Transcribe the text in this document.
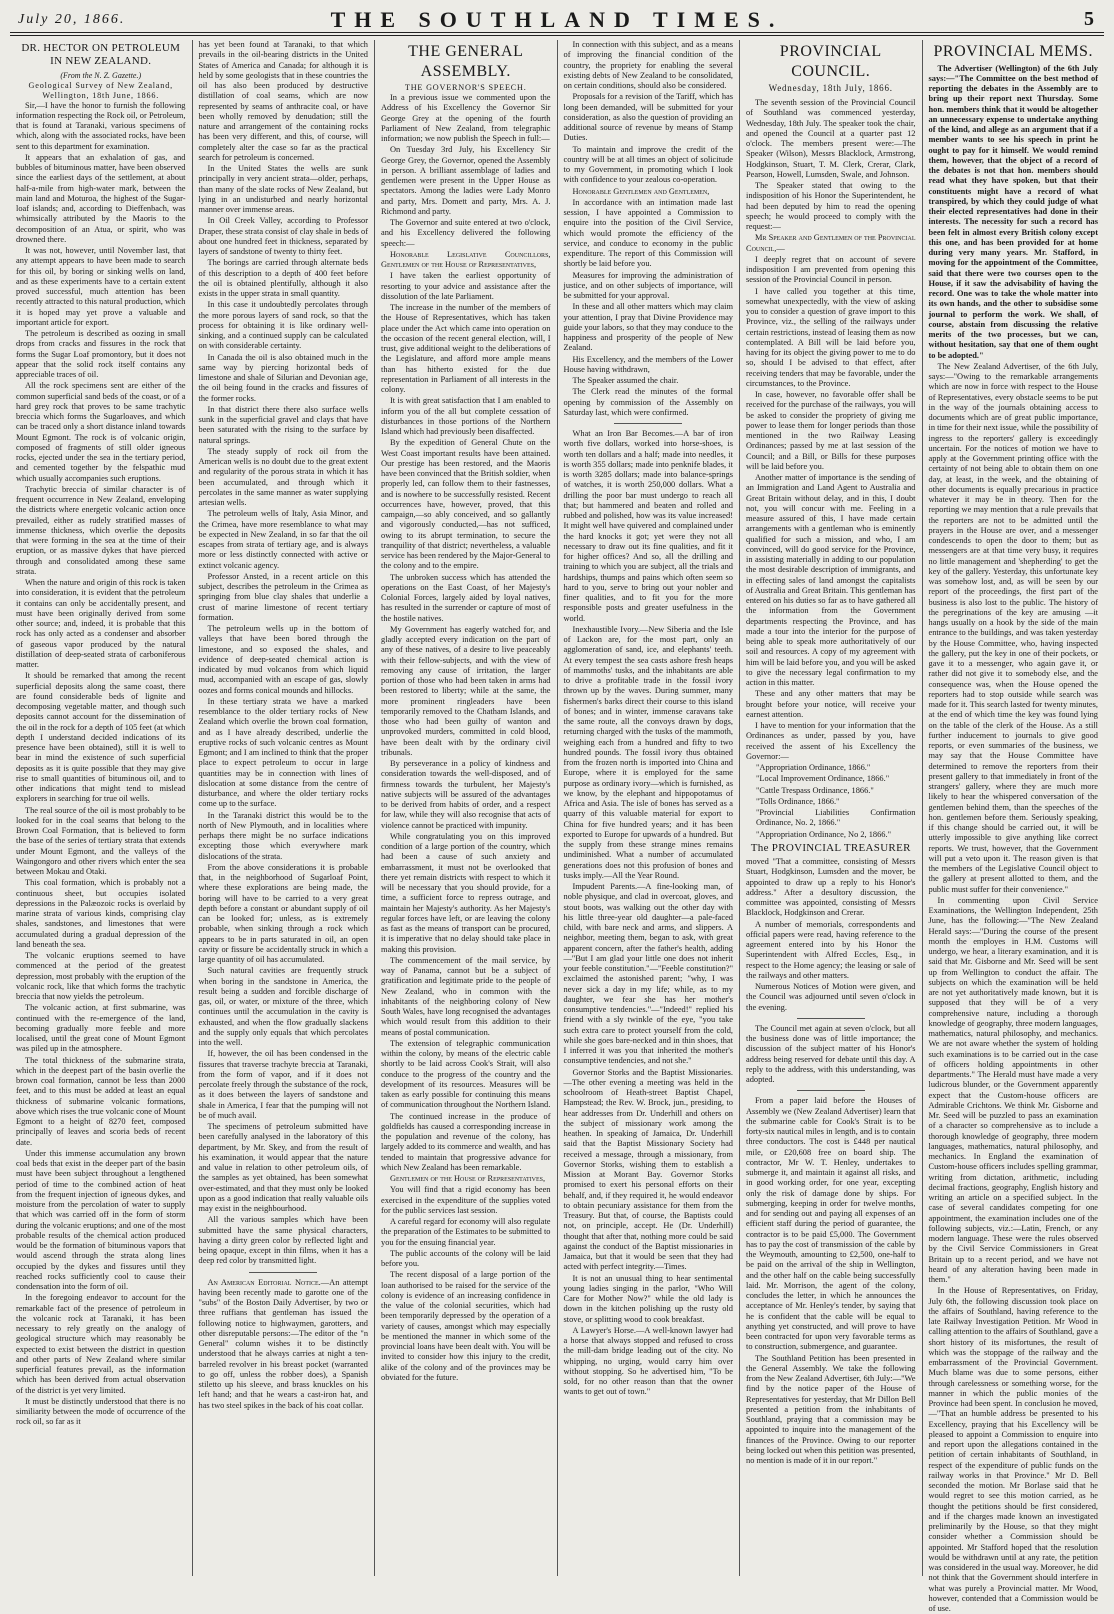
July 20, 1866.	THE SOUTHLAND TIMES.	5
DR. HECTOR ON PETROLEUM IN NEW ZEALAND.
(From the N. Z. Gazette.)
Geological Survey of New Zealand, Wellington, 18th June, 1866.

Sir,—I have the honor to furnish the following information respecting the Rock oil, or Petroleum, that is found at Taranaki, various specimens of which, along with the associated rocks, have been sent to this department for examination.

It appears that an exhalation of gas, and bubbles of bituminous matter, have been observed since the earliest days of the settlement, at about half-a-mile from high-water mark, between the main land and Moturoa, the highest of the Sugar-loaf islands; and, according to Dieffenbach, was whimsically attributed by the Maoris to the decomposition of an Atua, or spirit, who was drowned there.

It was not, however, until November last, that any attempt appears to have been made to search for this oil, by boring or sinking wells on land, and as these experiments have to a certain extent proved successful, much attention has been recently attracted to this natural production, which it is hoped may yet prove a valuable and important article for export.

The petroleum is described as oozing in small drops from cracks and fissures in the rock that forms the Sugar Loaf promontory, but it does not appear that the solid rock itself contains any appreciable traces of oil.

All the rock specimens sent are either of the common superficial sand beds of the coast, or of a hard grey rock that proves to be same trachytic breccia which forms the Sugarloaves, and which can be traced only a short distance inland towards Mount Egmont. The rock is of volcanic origin, composed of fragments of still older igneous rocks, ejected under the sea in the tertiary period, and cemented together by the felspathic mud which usually accompanies such eruptions.

Trachytic breccia of similar character is of frequent occurrence in New Zealand, enveloping the districts where energetic volcanic action once prevailed, either as rudely stratified masses of immense thickness, which overlie the deposits that were forming in the sea at the time of their eruption, or as massive dykes that have pierced through and consolidated among these same strata.

When the nature and origin of this rock is taken into consideration, it is evident that the petroleum it contains can only be accidentally present, and must have been originally derived from some other source; and, indeed, it is probable that this rock has only acted as a condenser and absorber of gaseous vapor produced by the natural distillation of deep-seated strata of carboniferous matter.

It should be remarked that among the recent superficial deposits along the same coast, there are found considerable beds of lignite and decomposing vegetable matter, and though such deposits cannot account for the dissemination of the oil in the rock for a depth of 105 feet (at which depth I understand decided indications of its presence have been obtained), still it is well to bear in mind the existence of such superficial deposits as it is quite possible that they may give rise to small quantities of bituminous oil, and to other indications that might tend to mislead explorers in searching for true oil wells.

The real source of the oil is most probably to be looked for in the coal seams that belong to the Brown Coal Formation, that is believed to form the base of the series of tertiary strata that extends under Mount Egmont, and the valleys of the Waingongoro and other rivers which enter the sea between Mokau and Otaki.

This coal formation, which is probably not a continuous sheet, but occupies isolated depressions in the Palæozoic rocks is overlaid by marine strata of various kinds, comprising clay shales, sandstones, and limestones that were accumulated during a gradual depression of the land beneath the sea.

The volcanic eruptions seemed to have commenced at the period of the greatest depression, most probably with the eruption of the volcanic rock, like that which forms the trachytic breccia that now yields the petroleum.

The volcanic action, at first submarine, was continued with the re-emergence of the land, becoming gradually more feeble and more localised, until the great cone of Mount Egmont was piled up in the atmosphere.

The total thickness of the submarine strata, which in the deepest part of the basin overlie the brown coal formation, cannot be less than 2000 feet, and to this must be added at least an equal thickness of submarine volcanic formations, above which rises the true volcanic cone of Mount Egmont to a height of 8270 feet, composed principally of leaves and scoria beds of recent date.

Under this immense accumulation any brown coal beds that exist in the deeper part of the basin must have been subject throughout a lengthened period of time to the combined action of heat from the frequent injection of igneous dykes, and moisture from the percolation of water to supply that which was carried off in the form of storm during the volcanic eruptions; and one of the most probable results of the chemical action produced would be the formation of bituminous vapors that would ascend through the strata along lines occupied by the dykes and fissures until they reached rocks sufficiently cool to cause their condensation into the form of oil.

In the foregoing endeavor to account for the remarkable fact of the presence of petroleum in the volcanic rock at Taranaki, it has been necessary to rely greatly on the analogy of geological structure which may reasonably be expected to exist between the district in question and other parts of New Zealand where similar superficial features prevail, as the information which has been derived from actual observation of the district is yet very limited.

It must be distinctly understood that there is no similiarity between the mode of occurrence of the rock oil, so far as it

has yet been found at Taranaki, to that which prevails in the oil-bearing districts in the United States of America and Canada; for although it is held by some geologists that in these countries the oil has also been produced by destructive distillation of coal seams, which are now represented by seams of anthracite coal, or have been wholly removed by denudation; still the nature and arrangement of the containing rocks has been very different, and this, of course, will completely alter the case so far as the practical search for petroleum is concerned.

In the United States the wells are sunk principally in very ancient strata—older, perhaps, than many of the slate rocks of New Zealand, but lying in an undisturbed and nearly horizontal manner over immense areas.

In Oil Creek Valley, according to Professor Draper, these strata consist of clay shale in beds of about one hundred feet in thickness, separated by layers of sandstone of twenty to thirty feet.

The borings are carried through alternate beds of this description to a depth of 400 feet before the oil is obtained plentifully, although it also exists in the upper strata in small quantity.

In this case it undoubtedly percolates through the more porous layers of sand rock, so that the process for obtaining it is like ordinary well-sinking, and a continued supply can be calculated on with considerable certainty.

In Canada the oil is also obtained much in the same way by piercing horizontal beds of limestone and shale of Silurian and Devonian age, the oil being found in the cracks and fissures of the former rocks.

In that district there there also surface wells sunk in the superficial gravel and clays that have been saturated with the rising to the surface by natural springs.

The steady supply of rock oil from the American wells is no doubt due to the great extent and regularity of the porous strata in which it has been accumulated, and through which it percolates in the same manner as water supplying artesian wells.

The petroleum wells of Italy, Asia Minor, and the Crimea, have more resemblance to what may be expected in New Zealand, in so far that the oil escapes from strata of tertiary age, and is always more or less distinctly connected with active or extinct volcanic agency.

Professor Ansted, in a recent article on this subject, describes the petroleum in the Crimea as springing from blue clay shales that underlie a crust of marine limestone of recent tertiary formation.

The petroleum wells up in the bottom of valleys that have been bored through the limestone, and so exposed the shales, and evidence of deep-seated chemical action is indicated by mud volcanos from which liquid mud, accompanied with an escape of gas, slowly oozes and forms conical mounds and hillocks.

In these tertiary strata we have a marked resemblance to the older tertiary rocks of New Zealand which overlie the brown coal formation, and as I have already described, underlie the eruptive rocks of such volcanic centres as Mount Egmont; and I am inclined to think that the proper place to expect petroleum to occur in large quantities may be in connection with lines of dislocation at some distance from the centre of disturbance, and where the older tertiary rocks come up to the surface.

In the Taranaki district this would be to the north of New Plymouth, and in localities where perhaps there might be no surface indications excepting those which everywhere mark dislocations of the strata.

From the above considerations it is probable that, in the neighborhood of Sugarloaf Point, where these explorations are being made, the boring will have to be carried to a very great depth before a constant or abundant supply of oil can be looked for; unless, as is extremely probable, when sinking through a rock which appears to be in parts saturated in oil, an open cavity or fissure be accidentally struck in which a large quantity of oil has accumulated.

Such natural cavities are frequently struck when boring in the sandstone in America, the result being a sudden and forcible discharge of gas, oil, or water, or mixture of the three, which continues until the accumulation in the cavity is exhausted, and when the flow gradually slackens and the supply only equals that which percolates into the well.

If, however, the oil has been condensed in the fissures that traverse trachyte breccia at Taranaki, from the form of vapor, and if it does not percolate freely through the substance of the rock, as it does between the layers of sandstone and shale in America, I fear that the pumping will not be of much avail.

The specimens of petroleum submitted have been carefully analysed in the laboratory of this department, by Mr. Skey, and from the result of his examination, it would appear that the nature and value in relation to other petroleum oils, of the samples as yet obtained, has been somewhat over-estimated, and that they must only be looked upon as a good indication that really valuable oils may exist in the neighbourhood.

All the various samples which have been submitted have the same physical characters, having a dirty green color by reflected light and being opaque, except in thin films, when it has a deep red color by transmitted light.

An American Editorial Notice.—An attempt having been recently made to garotte one of the "subs" of the Boston Daily Advertiser, by two or three ruffians that gentleman has issued the following notice to highwaymen, garotters, and other disreputable persons:—The editor of the "n General" column wishes it to be distinctly understood that he always carries at night a ten-barreled revolver in his breast pocket (warranted to go off, unless the robber does), a Spanish stiletto up his sleeve, and brass knuckles on his left hand; and that he wears a cast-iron hat, and has two steel spikes in the back of his coat collar.

THE GENERAL ASSEMBLY.
THE GOVERNOR'S SPEECH.

In a previous issue we commented upon the Address of his Excellency the Governor Sir George Grey at the opening of the fourth Parliament of New Zealand, from telegraphic information; we now publish the Speech in full:—

On Tuesday 3rd July, his Excellency Sir George Grey, the Governor, opened the Assembly in person. A brilliant assemblage of ladies and gentlemen were present in the Upper House as spectators. Among the ladies were Lady Monro and party, Mrs. Domett and party, Mrs. A. J. Richmond and party.

The Governor and suite entered at two o'clock, and his Excellency delivered the following speech:—

Honorable Legislative Councillors, Gentlemen of the House of Representatives,

I have taken the earliest opportunity of resorting to your advice and assistance after the dissolution of the late Parliament.

The increase in the number of the members of the House of Representatives, which has taken place under the Act which came into operation on the occasion of the recent general election, will, I trust, give additional weight to the deliberations of the Legislature, and afford more ample means than has hitherto existed for the due representation in Parliament of all interests in the colony.

It is with great satisfaction that I am enabled to inform you of the all but complete cessation of disturbances in those portions of the Northern Island which had previously been disaffected.

By the expedition of General Chute on the West Coast important results have been attained. Our prestige has been restored, and the Maoris have been convinced that the British soldier, when properly led, can follow them to their fastnesses, and is nowhere to be successfully resisted. Recent occurrences have, however, proved, that this campaign,—so ably conceived, and so gallantly and vigorously conducted,—has not sufficed, owing to its abrupt termination, to secure the tranquility of that district; nevertheless, a valuable service has been rendered by the Major-General to the colony and to the empire.

The unbroken success which has attended the operations on the East Coast, of her Majesty's Colonial Forces, largely aided by loyal natives, has resulted in the surrender or capture of most of the hostile natives.

My Government has eagerly watched for, and gladly accepted every indication on the part of any of these natives, of a desire to live peaceably with their fellow-subjects, and with the view of removing any cause of irritation, the larger portion of those who had been taken in arms had been restored to liberty; while at the same, the more prominent ringleaders have been temporarily removed to the Chatham Islands, and those who had been guilty of wanton and unprovoked murders, committed in cold blood, have been dealt with by the ordinary civil tribunals.

By perseverance in a policy of kindness and consideration towards the well-disposed, and of firmness towards the turbulent, her Majesty's native subjects will be assured of the advantages to be derived from habits of order, and a respect for law, while they will also recognise that acts of violence cannot be practiced with impunity.

While congratulating you on this improved condition of a large portion of the country, which had been a cause of such anxiety and embarrassment, it must not be overlooked that there yet remain districts with respect to which it will be necessary that you should provide, for a time, a sufficient force to repress outrage, and maintain her Majesty's authority. As her Majesty's regular forces have left, or are leaving the colony as fast as the means of transport can be procured, it is imperative that no delay should take place in making this provision.

The commencement of the mail service, by way of Panama, cannot but be a subject of gratification and legitimate pride to the people of New Zealand, who in common with the inhabitants of the neighboring colony of New South Wales, have long recognised the advantages which would result from this addition to their means of postal communication.

The extension of telegraphic communication within the colony, by means of the electric cable shortly to be laid across Cook's Strait, will also conduce to the progress of the country and the development of its resources. Measures will be taken as early possible for continuing this means of communication throughout the Northern Island.

The continued increase in the produce of goldfields has caused a corresponding increase in the population and revenue of the colony, has largely added to its commerce and wealth, and has tended to maintain that progressive advance for which New Zealand has been remarkable.

Gentlemen of the House of Representatives,

You will find that a rigid economy has been exercised in the expenditure of the supplies voted for the public services last session.

A careful regard for economy will also regulate the preparation of the Estimates to be submitted to you for the ensuing financial year.

The public accounts of the colony will be laid before you.

The recent disposal of a large portion of the loan authorised to be raised for the service of the colony is evidence of an increasing confidence in the value of the colonial securities, which had been temporarily depressed by the operation of a variety of causes, amongst which may especially be mentioned the manner in which some of the provincial loans have been dealt with. You will be invited to consider how this injury to the credit, alike of the colony and of the provinces may be obviated for the future.

In connection with this subject, and as a means of improving the financial condition of the country, the propriety for enabling the several existing debts of New Zealand to be consolidated, on certain conditions, should also be considered.

Proposals for a revision of the Tariff, which has long been demanded, will be submitted for your consideration, as also the question of providing an additional source of revenue by means of Stamp Duties.

To maintain and improve the credit of the country will be at all times an object of solicitude to my Government, in promoting which I look with confidence to your zealous co-operation.

Honorable Gentlemen and Gentlemen,

In accordance with an intimation made last session, I have appointed a Commission to enquire into the position of the Civil Service, which would promote the efficiency of the service, and conduce to economy in the public expenditure. The report of this Commission will shortly be laid before you.

Measures for improving the administration of justice, and on other subjects of importance, will be submitted for your approval.

In these and all other matters which may claim your attention, I pray that Divine Providence may guide your labors, so that they may conduce to the happiness and prosperity of the people of New Zealand.

His Excellency, and the members of the Lower House having withdrawn,

The Speaker assumed the chair.

The Clerk read the minutes of the formal opening by commission of the Assembly on Saturday last, which were confirmed.

What an Iron Bar Becomes.—A bar of iron worth five dollars, worked into horse-shoes, is worth ten dollars and a half; made into needles, it is worth 355 dollars; made into penknife blades, it is worth 3285 dollars; made into balance-springs of watches, it is worth 250,000 dollars. What a drilling the poor bar must undergo to reach all that; but hammered and beaten and rolled and rubbed and polished, how was its value increased! It might well have quivered and complained under the hard knocks it got; yet were they not all necessary to draw out its fine qualities, and fit it for higher offices? And so, all the drilling and training to which you are subject, all the trials and hardships, thumps and pains which often seem so hard to you, serve to bring out your nobler and finer qualities, and to fit you for the more responsible posts and greater usefulness in the world.

Inexhaustible Ivory.—New Siberia and the Isle of Lackon are, for the most part, only an agglomeration of sand, ice, and elephants' teeth. At every tempest the sea casts ashore fresh heaps of mammoths' tusks, and the inhabitants are able to drive a profitable trade in the fossil ivory thrown up by the waves. During summer, many fishermen's barks direct their course to this island of bones; and in winter, immense caravans take the same route, all the convoys drawn by dogs, returning charged with the tusks of the mammoth, weighing each from a hundred and fifty to two hundred pounds. The fossil ivory thus obtained from the frozen north is imported into China and Europe, where it is employed for the same purpose as ordinary ivory—which is furnished, as we know, by the elephant and hippopotamus of Africa and Asia. The isle of bones has served as a quarry of this valuable material for export to China for five hundred years; and it has been exported to Europe for upwards of a hundred. But the supply from these strange mines remains undiminished. What a number of accumulated generations does not this profusion of bones and tusks imply.—All the Year Round.

Impudent Parents.—A fine-looking man, of noble physique, and clad in overcoat, gloves, and stout boots, was walking out the other day with his little three-year old daughter—a pale-faced child, with bare neck and arms, and slippers. A neighbor, meeting them, began to ask, with great apparent concern, after the father's health, adding—"But I am glad your little one does not inherit your feeble constitution."—"Feeble constitution?" exclaimed the astonished parent; "why, I was never sick a day in my life; while, as to my daughter, we fear she has her mother's consumptive tendencies."—"Indeed!" replied his friend with a sly twinkle of the eye, "you take such extra care to protect yourself from the cold, while she goes bare-necked and in thin shoes, that I inferred it was you that inherited the mother's consumptive tendencies, and not she."

Governor Storks and the Baptist Missionaries.—The other evening a meeting was held in the schoolroom of Heath-street Baptist Chapel, Hampstead; the Rev. W. Brock, jun., presiding, to hear addresses from Dr. Underhill and others on the subject of missionary work among the heathen. In speaking of Jamaica, Dr. Underhill said that the Baptist Missionary Society had received a message, through a missionary, from Governor Storks, wishing them to establish a Mission at Morant Bay. Governor Storks promised to exert his personal efforts on their behalf, and, if they required it, he would endeavor to obtain pecuniary assistance for them from the Treasury. But that, of course, the Baptists could not, on principle, accept. He (Dr. Underhill) thought that after that, nothing more could be said against the conduct of the Baptist missionaries in Jamaica, but that it would be seen that they had acted with perfect integrity.—Times.

It is not an unusual thing to hear sentimental young ladies singing in the parlor, "Who Will Care for Mother Now?" while the old lady is down in the kitchen polishing up the rusty old stove, or splitting wood to cook breakfast.

A Lawyer's Horse.—A well-known lawyer had a horse that always stopped and refused to cross the mill-dam bridge leading out of the city. No whipping, no urging, would carry him over without stopping. So he advertised him, "To be sold, for no other reason than that the owner wants to get out of town."

PROVINCIAL COUNCIL.
Wednesday, 18th July, 1866.

The seventh session of the Provincial Council of Southland was commenced yesterday, Wednesday, 18th July. The speaker took the chair, and opened the Council at a quarter past 12 o'clock. The members present were:—The Speaker (Wilson), Messrs Blacklock, Armstrong, Hodgkinson, Stuart, T. M. Clerk, Crerar, Clark, Pearson, Howell, Lumsden, Swale, and Johnson.

The Speaker stated that owing to the indisposition of his Honor the Superintendent, he had been deputed by him to read the opening speech; he would proceed to comply with the request:—

Mr Speaker and Gentlemen of the Provincial Council,—

I deeply regret that on account of severe indisposition I am prevented from opening this session of the Provincial Council in person.

I have called you together at this time, somewhat unexpectedly, with the view of asking you to consider a question of grave import to this Province, viz., the selling of the railways under certain restrictions, instead of leasing them as now contemplated. A Bill will be laid before you, having for its object the giving power to me to do so, should I be advised to that effect, after receiving tenders that may be favorable, under the circumstances, to the Province.

In case, however, no favorable offer shall be received for the purchase of the railways, you will be asked to consider the propriety of giving me power to lease them for longer periods than those mentioned in the two Railway Leasing Ordinances; passed by me at last session of the Council; and a Bill, or Bills for these purposes will be laid before you.

Another matter of importance is the sending of an Immigration and Land Agent to Australia and Great Britain without delay, and in this, I doubt not, you will concur with me. Feeling in a measure assured of this, I have made certain arrangements with a gentleman who is eminently qualified for such a mission, and who, I am convinced, will do good service for the Province, in assisting materially in adding to our population the most desirable description of immigrants, and in effecting sales of land amongst the capitalists of Australia and Great Britain. This gentleman has entered on his duties so far as to have gathered all the information from the Government departments respecting the Province, and has made a tour into the interior for the purpose of being able to speak more authoritatively of our soil and resources. A copy of my agreement with him will be laid before you, and you will be asked to give the necessary legal confirmation to my action in this matter.

These and any other matters that may be brought before your notice, will receive your earnest attention.

I have to mention for your information that the Ordinances as under, passed by you, have received the assent of his Excellency the Governor:—

"Appropriation Ordinance, 1866."

"Local Improvement Ordinance, 1866."

"Cattle Trespass Ordinance, 1866."

"Tolls Ordinance, 1866."

"Provincial Liabilities Confirmation Ordinance, No. 2, 1866."

"Appropriation Ordinance, No 2, 1866."

The PROVINCIAL TREASURER

moved "That a committee, consisting of Messrs Stuart, Hodgkinson, Lumsden and the mover, be appointed to draw up a reply to his Honor's address." After a desultory discussion, the committee was appointed, consisting of Messrs Blacklock, Hodgkinson and Crerar.

A number of memorials, correspondents and official papers were read, having reference to the agreement entered into by his Honor the Superintendent with Alfred Eccles, Esq., in respect to the Home agency; the leasing or sale of the railways and other matters.

Numerous Notices of Motion were given, and the Council was adjourned until seven o'clock in the evening.

The Council met again at seven o'clock, but all the business done was of little importance; the discussion of the subject matter of his Honor's address being reserved for debate until this day. A reply to the address, with this understanding, was adopted.

From a paper laid before the Houses of Assembly we (New Zealand Advertiser) learn that the submarine cable for Cook's Strait is to be forty-six nautical miles in length, and is to contain three conductors. The cost is £448 per nautical mile, or £20,608 free on board ship. The contractor, Mr W. T. Henley, undertakes to submerge it, and maintain it against all risks, and in good working order, for one year, excepting only the risk of damage done by ships. For submerging, keeping in order for twelve months, and for sending out and paying all expenses of an efficient staff during the period of guarantee, the contractor is to be paid £5,000. The Government has to pay the cost of transmission of the cable by the Weymouth, amounting to £2,500, one-half to be paid on the arrival of the ship in Wellington, and the other half on the cable being successfully laid. Mr. Morrison, the agent of the colony, concludes the letter, in which he announces the acceptance of Mr. Henley's tender, by saying that he is confident that the cable will be equal to anything yet constructed, and will prove to have been contracted for upon very favorable terms as to construction, submergence, and guarantee.

The Southland Petition has been presented in the General Assembly. We take the following from the New Zealand Advertiser, 6th July:—"We find by the notice paper of the House of Representatives for yesterday, that Mr Dillon Bell presented a petition from the inhabitants of Southland, praying that a commission may be appointed to inquire into the management of the finances of the Province. Owing to our reporter being locked out when this petition was presented, no mention is made of it in our report."

PROVINCIAL MEMS.

The Advertiser (Wellington) of the 6th July says:—"The Committee on the best method of reporting the debates in the Assembly are to bring up their report next Thursday. Some hon. members think that it would be altogether an unnecessary expense to undertake anything of the kind, and allege as an argument that if a member wants to see his speech in print he ought to pay for it himself. We would remind them, however, that the object of a record of the debates is not that hon. members should read what they have spoken, but that their constituents might have a record of what transpired, by which they could judge of what their elected representatives had done in their interests. The necessity for such a record has been felt in almost every British colony except this one, and has been provided for at home during very many years. Mr. Stafford, in moving for the appointment of the Committee, said that there were two courses open to the House, if it saw the advisability of having the record. One was to take the whole matter into its own hands, and the other to subsidise some journal to perform the work. We shall, of course, abstain from discussing the relative merits of the two processes, but we can, without hesitation, say that one of them ought to be adopted."

The New Zealand Advertiser, of the 6th July, says:—"Owing to the remarkable arrangements which are now in force with respect to the House of Representatives, every obstacle seems to be put in the way of the journals obtaining access to documents which are of great public importance, in time for their next issue, while the possibility of ingress to the reporters' gallery is exceedingly uncertain. For the notices of motion we have to apply at the Government printing office with the certainty of not being able to obtain them on one day, at least, in the week, and the obtaining of other documents is equally precarious in practice whatever it may be in theory. Then for the reporting we may mention that a rule prevails that the reporters are not to be admitted until the prayers in the House are over, and a messenger condescends to open the door to them; but as messengers are at that time very busy, it requires no little management and 'shepherding' to get the key of the gallery. Yesterday, this unfortunate key was somehow lost, and, as will be seen by our report of the proceedings, the first part of the business is also lost to the public. The history of the peregrinations of the key are amusing —it hangs usually on a hook by the side of the main entrance to the buildings, and was taken yesterday by the House Committee, who, having inspected the gallery, put the key in one of their pockets, or gave it to a messenger, who again gave it, or rather did not give it to somebody else, and the consequence was, when the House opened the reporters had to stop outside while search was made for it. This search lasted for twenty minutes, at the end of which time the key was found lying on the table of the clerk of the House. As a still further inducement to journals to give good reports, or even summaries of the business, we may say that the House Committee have determined to remove the reporters from their present gallery to that immediately in front of the strangers' gallery, where they are much more likely to hear the whispered conversation of the gentlemen behind them, than the speeches of the hon. gentlemen before them. Seriously speaking, if this change should be carried out, it will be utterly impossible to give anything like correct reports. We trust, however, that the Government will put a veto upon it. The reason given is that the members of the Legislative Council object to the gallery at present allotted to them, and the public must suffer for their convenience."

In commenting upon Civil Service Examinations, the Wellington Independent, 25th June, has the following:—"The New Zealand Herald says:—"During the course of the present month the employes in H.M. Customs will undergo, we hear, a literary examination, and it is said that Mr. Gisborne and Mr. Seed will be sent up from Wellington to conduct the affair. The subjects on which the examination will be held are not yet authoritatively made known, but it is supposed that they will be of a very comprehensive nature, including a thorough knowledge of geography, three modern languages, mathematics, natural philosophy, and mechanics. We are not aware whether the system of holding such examinations is to be carried out in the case of officers holding appointments in other departments." The Herald must have made a very ludicrous blunder, or the Government apparently expect that the Custom-house officers are Admirable Crichtons. We think Mr. Gisborne and Mr. Seed will be puzzled to pass an examination of a character so comprehensive as to include a thorough knowledge of geography, three modern languages, mathematics, natural philosophy, and mechanics. In England the examination of Custom-house officers includes spelling grammar, writing from dictation, arithmetic, including decimal fractions, geography, English history and writing an article on a specified subject. In the case of several candidates competing for one appointment, the examination includes one of the following subjects, viz.:—Latin, French, or any modern language. These were the rules observed by the Civil Service Commissioners in Great Britain up to a recent period, and we have not heard of any alteration having been made in them."

In the House of Representatives, on Friday, July 6th, the following discussion took place on the affairs of Southland, having reference to the late Railway Investigation Petition. Mr Wood in calling attention to the affairs of Southland, gave a short history of its misfortunes, the result of which was the stoppage of the railway and the embarrassment of the Provincial Government. Much blame was due to some persons, either through carelessness or something worse, for the manner in which the public monies of the Province had been spent. In conclusion he moved,—"That an humble address be presented to his Excellency, praying that his Excellency will be pleased to appoint a Commission to enquire into and report upon the allegations contained in the petition of certain inhabitants of Southland, in respect of the expenditure of public funds on the railway works in that Province." Mr D. Bell seconded the motion. Mr Borlase said that he would regret to see this motion carried, as he thought the petitions should be first considered, and if the charges made known an investigated preliminarily by the House, so that they might consider whether a Commission should be appointed. Mr Stafford hoped that the resolution would be withdrawn until at any rate, the petition was considered in the usual way. Moreover, he did not think that the Government should interfere in what was purely a Provincial matter. Mr Wood, however, contended that a Commission would be of use.
